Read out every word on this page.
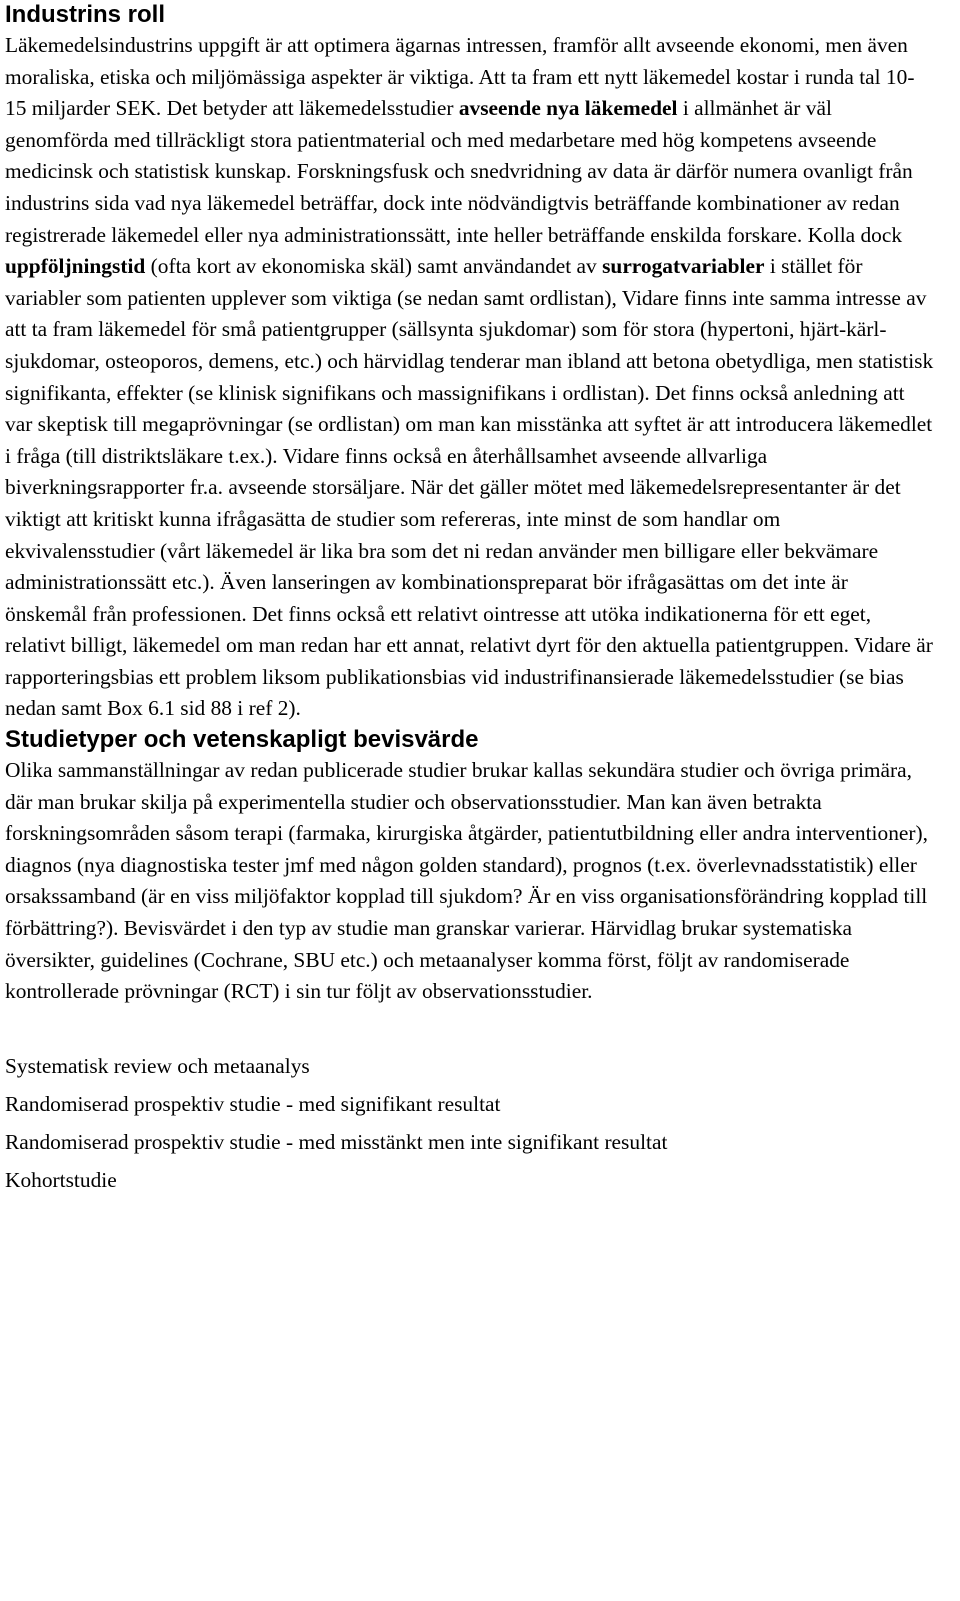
Industrins roll

Läkemedelsindustrins uppgift är att optimera ägarnas intressen, framför allt avseende ekonomi, men även moraliska, etiska och miljömässiga aspekter är viktiga. Att ta fram ett nytt läkemedel kostar i runda tal 10-15 miljarder SEK. Det betyder att läkemedelsstudier avseende nya läkemedel i allmänhet är väl genomförda med tillräckligt stora patientmaterial och med medarbetare med hög kompetens avseende medicinsk och statistisk kunskap. Forskningsfusk och snedvridning av data är därför numera ovanligt från industrins sida vad nya läkemedel beträffar, dock inte nödvändigtvis beträffande kombinationer av redan registrerade läkemedel eller nya administrationssätt, inte heller beträffande enskilda forskare. Kolla dock uppföljningstid (ofta kort av ekonomiska skäl) samt användandet av surrogatvariabler i stället för variabler som patienten upplever som viktiga (se nedan samt ordlistan), Vidare finns inte samma intresse av att ta fram läkemedel för små patientgrupper (sällsynta sjukdomar) som för stora (hypertoni, hjärt-kärl-sjukdomar, osteoporos, demens, etc.) och härvidlag tenderar man ibland att betona obetydliga, men statistisk signifikanta, effekter (se klinisk signifikans och massignifikans i ordlistan). Det finns också anledning att var skeptisk till megaprövningar (se ordlistan) om man kan misstänka att syftet är att introducera läkemedlet i fråga (till distriktsläkare t.ex.). Vidare finns också en återhållsamhet avseende allvarliga biverkningsrapporter fr.a. avseende storsäljare. När det gäller mötet med läkemedelsrepresentanter är det viktigt att kritiskt kunna ifrågasätta de studier som refereras, inte minst de som handlar om ekvivalensstudier (vårt läkemedel är lika bra som det ni redan använder men billigare eller bekvämare administrationssätt etc.). Även lanseringen av kombinationspreparat bör ifrågasättas om det inte är önskemål från professionen. Det finns också ett relativt ointresse att utöka indikationerna för ett eget, relativt billigt, läkemedel om man redan har ett annat, relativt dyrt för den aktuella patientgruppen. Vidare är rapporteringsbias ett problem liksom publikationsbias vid industrifinansierade läkemedelsstudier (se bias nedan samt Box 6.1 sid 88 i ref 2).

Studietyper och vetenskapligt bevisvärde

Olika sammanställningar av redan publicerade studier brukar kallas sekundära studier och övriga primära, där man brukar skilja på experimentella studier och observationsstudier. Man kan även betrakta forskningsområden såsom terapi (farmaka, kirurgiska åtgärder, patientutbildning eller andra interventioner), diagnos (nya diagnostiska tester jmf med någon golden standard), prognos (t.ex. överlevnadsstatistik) eller orsakssamband (är en viss miljöfaktor kopplad till sjukdom? Är en viss organisationsförändring kopplad till förbättring?). Bevisvärdet i den typ av studie man granskar varierar. Härvidlag brukar systematiska översikter, guidelines (Cochrane, SBU etc.) och metaanalyser komma först, följt av randomiserade kontrollerade prövningar (RCT) i sin tur följt av observationsstudier.

Systematisk review och metaanalys
Randomiserad prospektiv studie - med signifikant resultat
Randomiserad prospektiv studie - med misstänkt men inte signifikant resultat
Kohortstudie
